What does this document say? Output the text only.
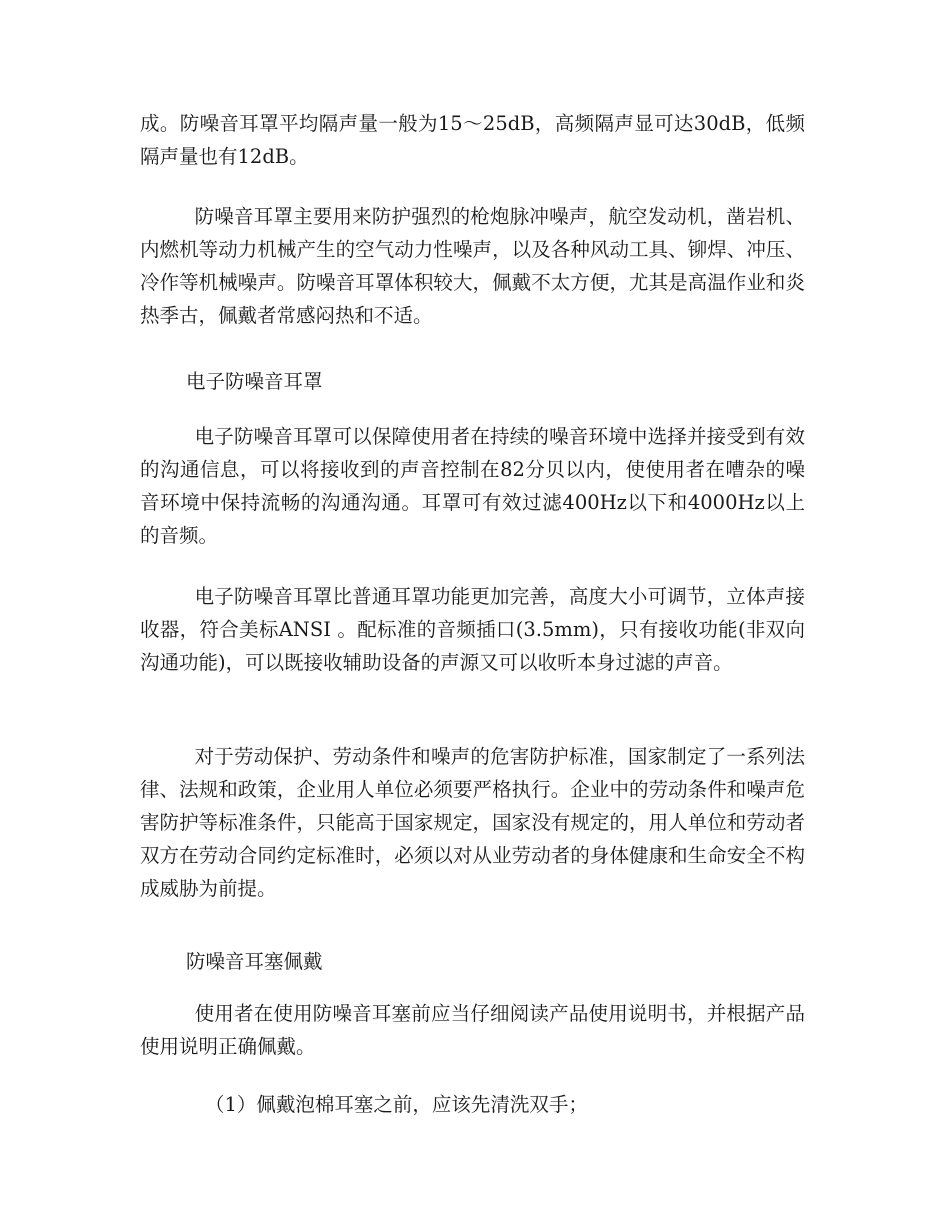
成。防噪音耳罩平均隔声量一般为15～25dB，高频隔声显可达30dB，低频隔声量也有12dB。

防噪音耳罩主要用来防护强烈的枪炮脉冲噪声，航空发动机，凿岩机、内燃机等动力机械产生的空气动力性噪声，以及各种风动工具、铆焊、冲压、冷作等机械噪声。防噪音耳罩体积较大，佩戴不太方便，尤其是高温作业和炎热季古，佩戴者常感闷热和不适。

电子防噪音耳罩

电子防噪音耳罩可以保障使用者在持续的噪音环境中选择并接受到有效的沟通信息，可以将接收到的声音控制在82分贝以内，使使用者在嘈杂的噪音环境中保持流畅的沟通沟通。耳罩可有效过滤400Hz以下和4000Hz以上的音频。

电子防噪音耳罩比普通耳罩功能更加完善，高度大小可调节，立体声接收器，符合美标ANSI 。配标准的音频插口(3.5mm)，只有接收功能(非双向沟通功能)，可以既接收辅助设备的声源又可以收听本身过滤的声音。

对于劳动保护、劳动条件和噪声的危害防护标准，国家制定了一系列法律、法规和政策，企业用人单位必须要严格执行。企业中的劳动条件和噪声危害防护等标准条件，只能高于国家规定，国家没有规定的，用人单位和劳动者双方在劳动合同约定标准时，必须以对从业劳动者的身体健康和生命安全不构成威胁为前提。

防噪音耳塞佩戴

使用者在使用防噪音耳塞前应当仔细阅读产品使用说明书，并根据产品使用说明正确佩戴。

（1）佩戴泡棉耳塞之前，应该先清洗双手；
